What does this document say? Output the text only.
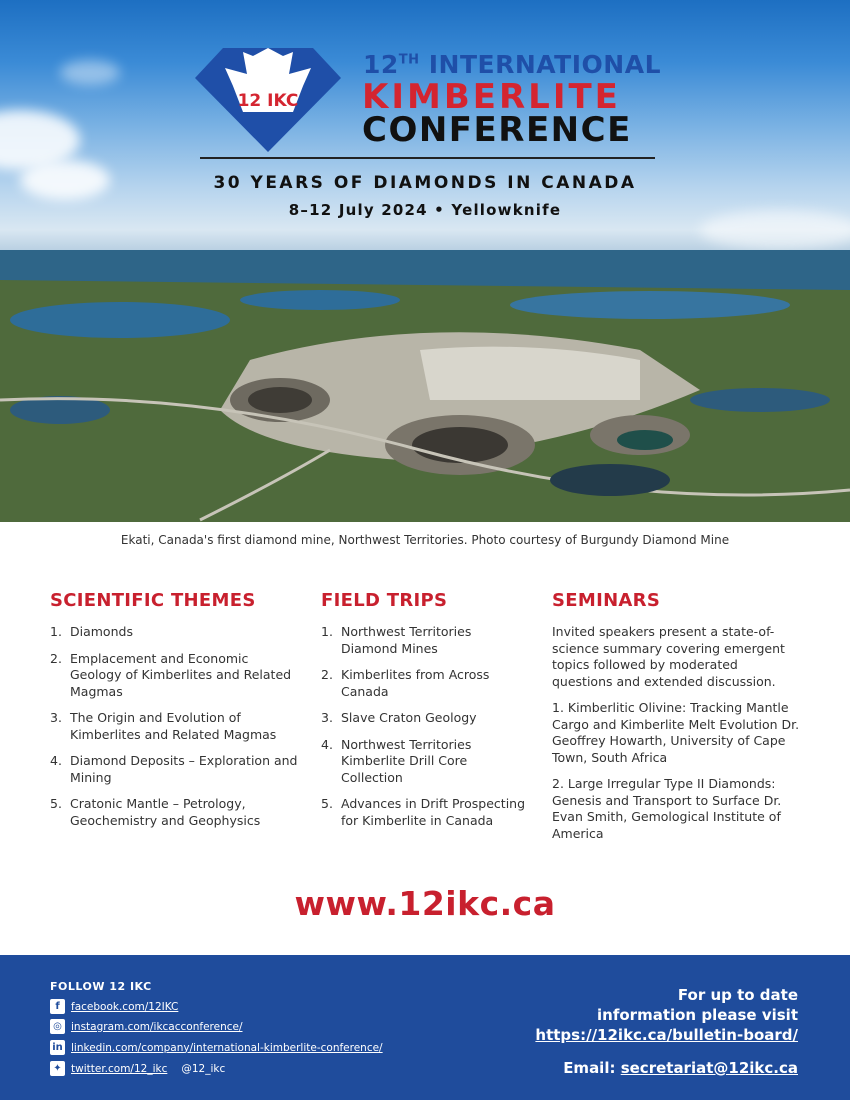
12 IKC
12TH INTERNATIONAL
KIMBERLITE
CONFERENCE
30 YEARS OF DIAMONDS IN CANADA
8–12 July 2024 • Yellowknife
Ekati, Canada's first diamond mine, Northwest Territories. Photo courtesy of Burgundy Diamond Mine
SCIENTIFIC THEMES
1. Diamonds
2. Emplacement and Economic Geology of Kimberlites and Related Magmas
3. The Origin and Evolution of Kimberlites and Related Magmas
4. Diamond Deposits – Exploration and Mining
5. Cratonic Mantle – Petrology, Geochemistry and Geophysics
FIELD TRIPS
1. Northwest Territories Diamond Mines
2. Kimberlites from Across Canada
3. Slave Craton Geology
4. Northwest Territories Kimberlite Drill Core Collection
5. Advances in Drift Prospecting for Kimberlite in Canada
SEMINARS

Invited speakers present a state-of-science summary covering emergent topics followed by moderated questions and extended discussion.

1. Kimberlitic Olivine: Tracking Mantle Cargo and Kimberlite Melt Evolution Dr. Geoffrey Howarth, University of Cape Town, South Africa

2. Large Irregular Type II Diamonds: Genesis and Transport to Surface Dr. Evan Smith, Gemological Institute of America

www.12ikc.ca
FOLLOW 12 IKC
f	facebook.com/12IKC
◎ instagram.com/ikcacconference/
in linkedin.com/company/international-kimberlite-conference/
✦ twitter.com/12_ikc @12_ikc
For up to date
information please visit
https://12ikc.ca/bulletin-board/
Email: secretariat@12ikc.ca
